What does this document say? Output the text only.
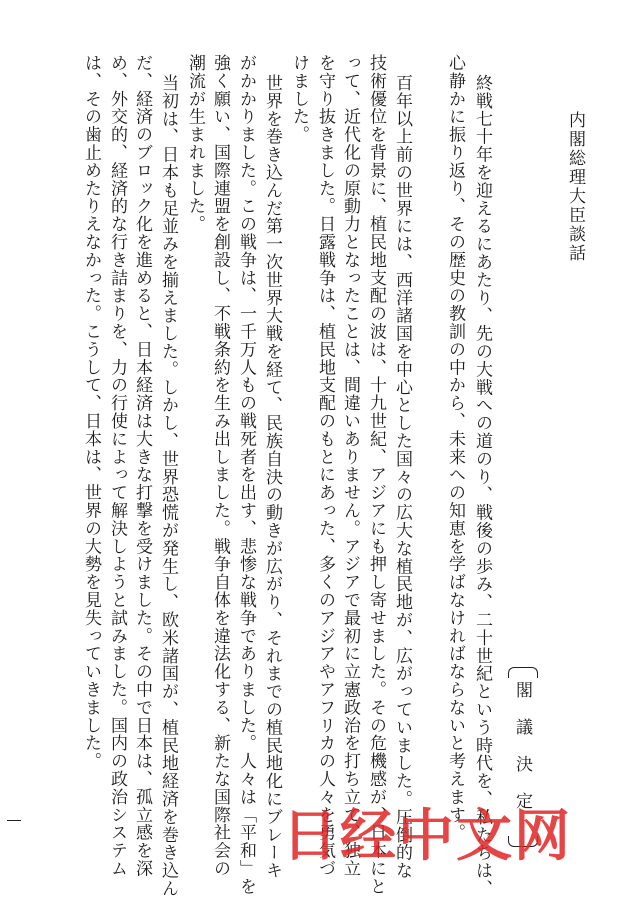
内閣総理大臣談話
閣議決定
終戦七十年を迎えるにあたり、先の大戦への道のり、戦後の歩み、二十世紀という時代を、私たちは、
心静かに振り返り、その歴史の教訓の中から、未来への知恵を学ばなければならないと考えます。
百年以上前の世界には、西洋諸国を中心とした国々の広大な植民地が、広がっていました。圧倒的な
技術優位を背景に、植民地支配の波は、十九世紀、アジアにも押し寄せました。その危機感が、日本にと
って、近代化の原動力となったことは、間違いありません。アジアで最初に立憲政治を打ち立て、独立
を守り抜きました。日露戦争は、植民地支配のもとにあった、多くのアジアやアフリカの人々を勇気づ
けました。
世界を巻き込んだ第一次世界大戦を経て、民族自決の動きが広がり、それまでの植民地化にブレーキ
がかかりました。この戦争は、一千万人もの戦死者を出す、悲惨な戦争でありました。人々は「平和」を
強く願い、国際連盟を創設し、不戦条約を生み出しました。戦争自体を違法化する、新たな国際社会の
潮流が生まれました。
当初は、日本も足並みを揃えました。しかし、世界恐慌が発生し、欧米諸国が、植民地経済を巻き込ん
だ、経済のブロック化を進めると、日本経済は大きな打撃を受けました。その中で日本は、孤立感を深
め、外交的、経済的な行き詰まりを、力の行使によって解決しようと試みました。国内の政治システム
は、その歯止めたりえなかった。こうして、日本は、世界の大勢を見失っていきました。
日经中文网
